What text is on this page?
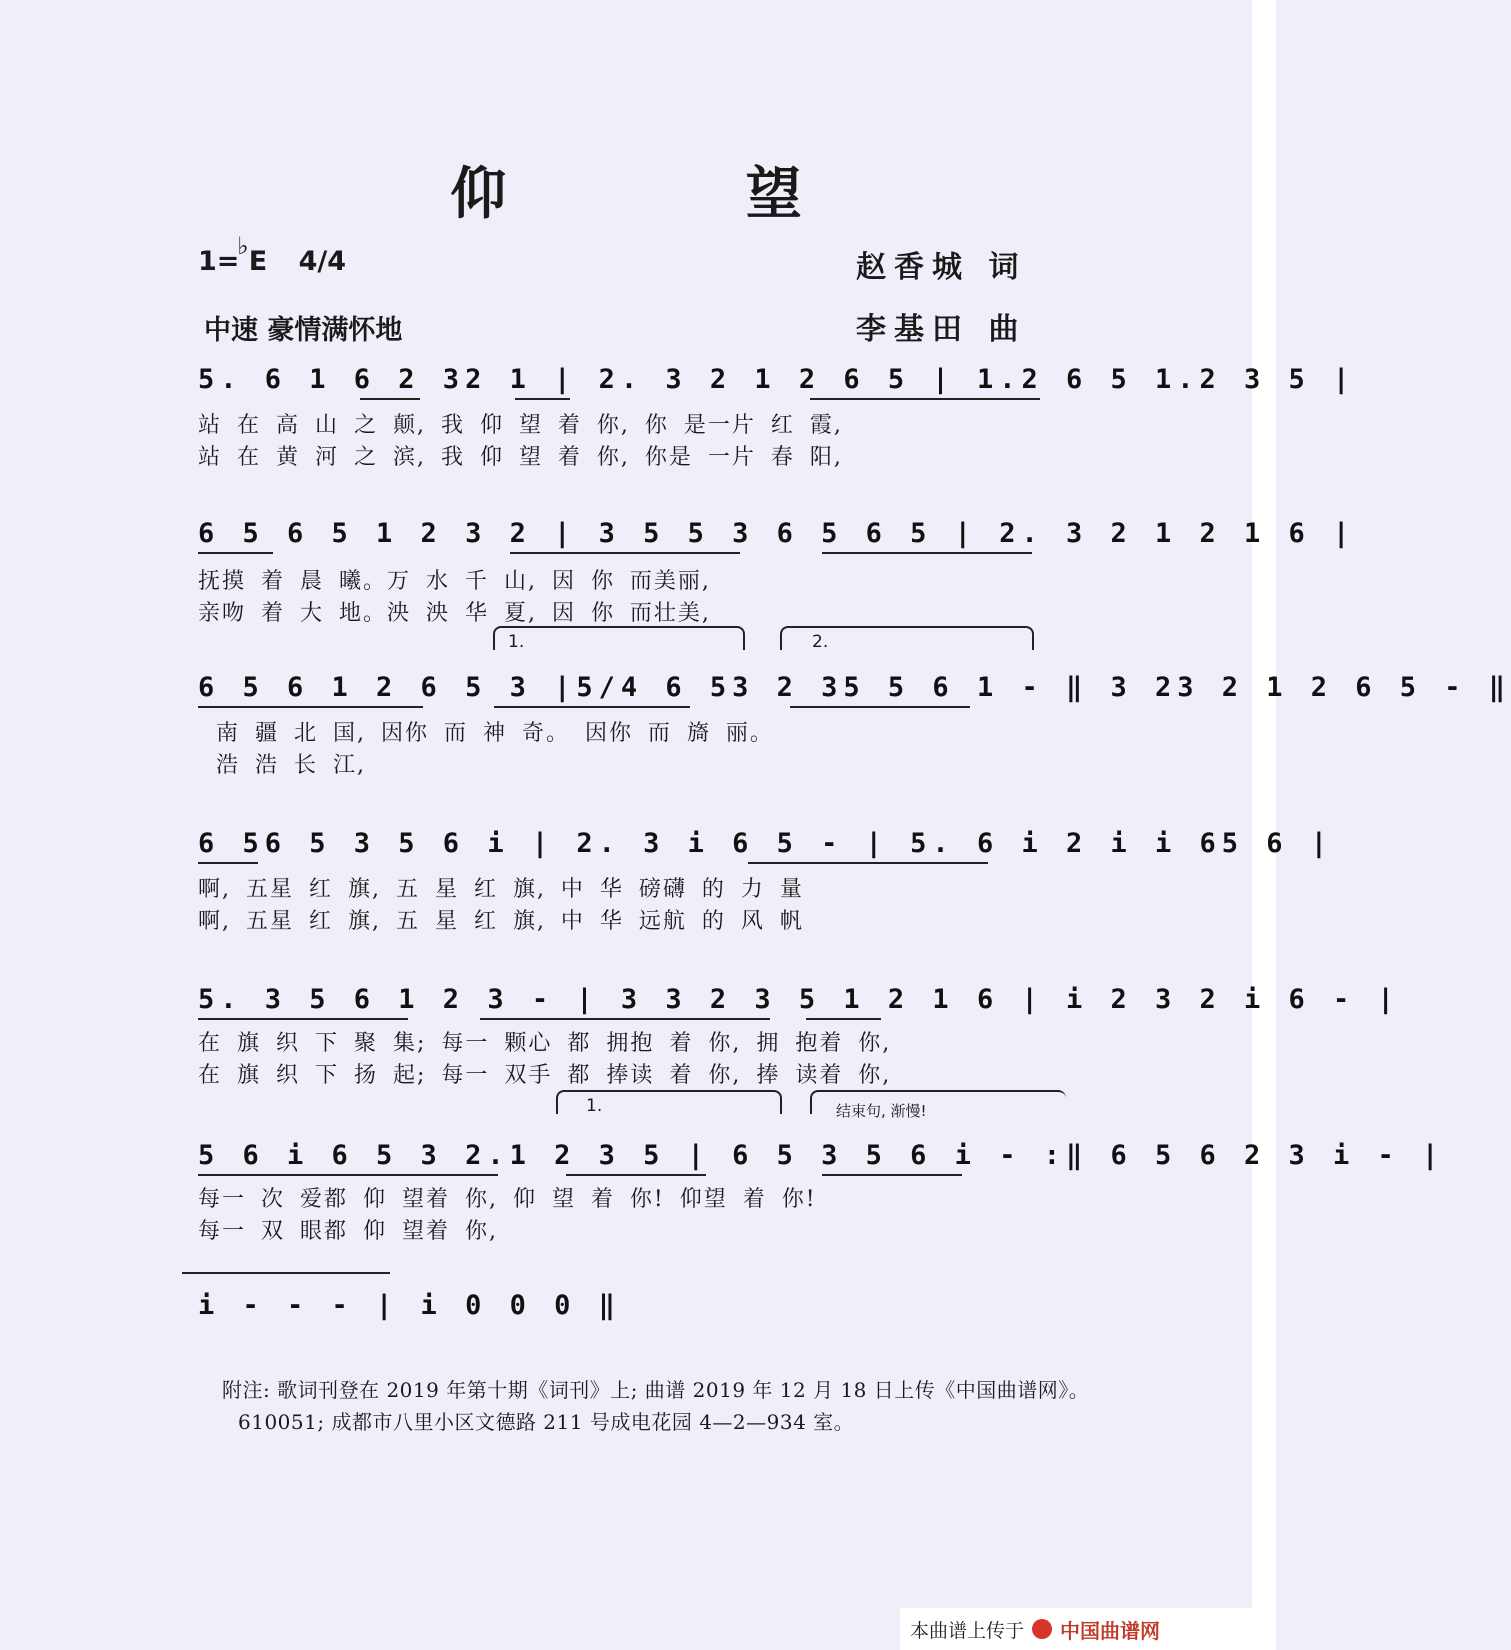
仰 望
1=♭E 4/4
中速 豪情满怀地
赵香城 词
李基田 曲
5. 6 1 6 2 32 1 | 2. 3 2 1 2 6 5 | 1.2 6 5 1.2 3 5 |
站 在 高 山 之 颠, 我 仰 望 着 你, 你 是一片 红 霞,
站 在 黄 河 之 滨, 我 仰 望 着 你, 你是 一片 春 阳,
6 5 6 5 1 2 3 2 | 3 5 5 3 6 5 6 5 | 2. 3 2 1 2 1 6 |
抚摸 着 晨 曦。万 水 千 山, 因 你 而美丽,
亲吻 着 大 地。泱 泱 华 夏, 因 你 而壮美,
1.	2.
6 5 6 1 2 6 5 3 |5/4 6 53 2 35 5 6 1 - ‖ 3 23 2 1 2 6 5 - ‖
南 疆 北 国, 因你 而 神 奇。 因你 而 旖 丽。
浩 浩 长 江,
6 56 5 3 5 6 i | 2. 3 i 6 5 - | 5. 6 i 2 i i 65 6 |
啊, 五星 红 旗, 五 星 红 旗, 中 华 磅礴 的 力 量
啊, 五星 红 旗, 五 星 红 旗, 中 华 远航 的 风 帆
5. 3 5 6 1 2 3 - | 3 3 2 3 5 1 2 1 6 | i 2 3 2 i 6 - |
在 旗 织 下 聚 集; 每一 颗心 都 拥抱 着 你, 拥 抱着 你,
在 旗 织 下 扬 起; 每一 双手 都 捧读 着 你, 捧 读着 你,
1.	结束句, 渐慢!
5 6 i 6 5 3 2.1 2 3 5 | 6 5 3 5 6 i - :‖ 6 5 6 2 3 i - |
每一 次 爱都 仰 望着 你, 仰 望 着 你! 仰望 着 你!
每一 双 眼都 仰 望着 你,
i - - - | i 0 0 0 ‖
附注: 歌词刊登在 2019 年第十期《词刊》上; 曲谱 2019 年 12 月 18 日上传《中国曲谱网》。
610051; 成都市八里小区文德路 211 号成电花园 4—2—934 室。
本曲谱上传于 中国曲谱网
